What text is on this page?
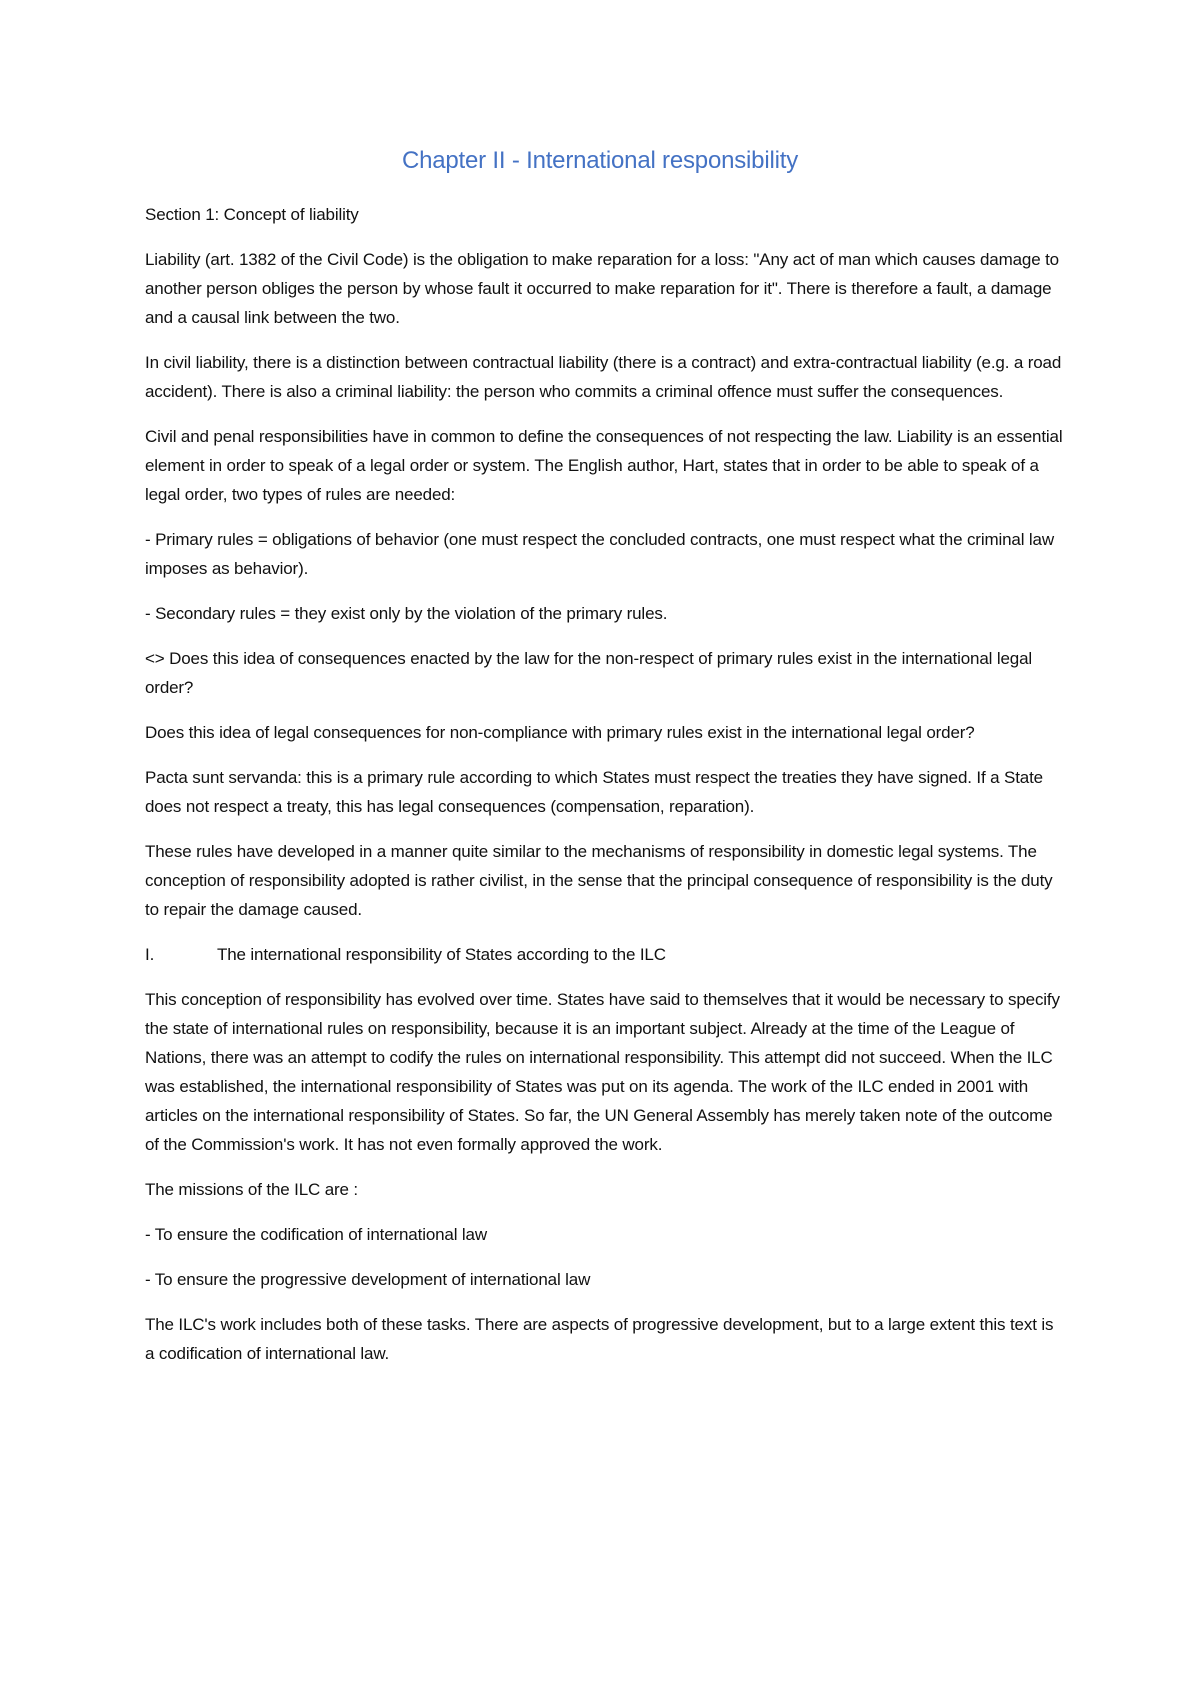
Chapter II - International responsibility

Section 1: Concept of liability

Liability (art. 1382 of the Civil Code) is the obligation to make reparation for a loss: "Any act of man which causes damage to another person obliges the person by whose fault it occurred to make reparation for it". There is therefore a fault, a damage and a causal link between the two.

In civil liability, there is a distinction between contractual liability (there is a contract) and extra-contractual liability (e.g. a road accident). There is also a criminal liability: the person who commits a criminal offence must suffer the consequences.

Civil and penal responsibilities have in common to define the consequences of not respecting the law. Liability is an essential element in order to speak of a legal order or system. The English author, Hart, states that in order to be able to speak of a legal order, two types of rules are needed:

- Primary rules = obligations of behavior (one must respect the concluded contracts, one must respect what the criminal law imposes as behavior).

- Secondary rules = they exist only by the violation of the primary rules.

<> Does this idea of consequences enacted by the law for the non-respect of primary rules exist in the international legal order?

Does this idea of legal consequences for non-compliance with primary rules exist in the international legal order?

Pacta sunt servanda: this is a primary rule according to which States must respect the treaties they have signed. If a State does not respect a treaty, this has legal consequences (compensation, reparation).

These rules have developed in a manner quite similar to the mechanisms of responsibility in domestic legal systems. The conception of responsibility adopted is rather civilist, in the sense that the principal consequence of responsibility is the duty to repair the damage caused.

I.	The international responsibility of States according to the ILC

This conception of responsibility has evolved over time. States have said to themselves that it would be necessary to specify the state of international rules on responsibility, because it is an important subject. Already at the time of the League of Nations, there was an attempt to codify the rules on international responsibility. This attempt did not succeed. When the ILC was established, the international responsibility of States was put on its agenda. The work of the ILC ended in 2001 with articles on the international responsibility of States. So far, the UN General Assembly has merely taken note of the outcome of the Commission's work. It has not even formally approved the work.

The missions of the ILC are :

- To ensure the codification of international law

- To ensure the progressive development of international law

The ILC's work includes both of these tasks. There are aspects of progressive development, but to a large extent this text is a codification of international law.
